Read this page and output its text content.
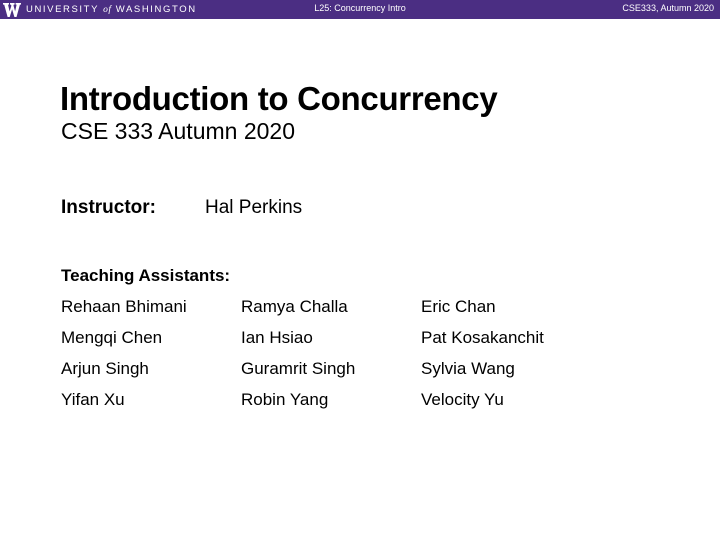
UNIVERSITY of WASHINGTON	L25: Concurrency Intro	CSE333, Autumn 2020
Introduction to Concurrency
CSE 333 Autumn 2020
Instructor:	Hal Perkins
Teaching Assistants:
Rehaan Bhimani	Ramya Challa	Eric Chan
Mengqi Chen	Ian Hsiao	Pat Kosakanchit
Arjun Singh	Guramrit Singh	Sylvia Wang
Yifan Xu	Robin Yang	Velocity Yu
